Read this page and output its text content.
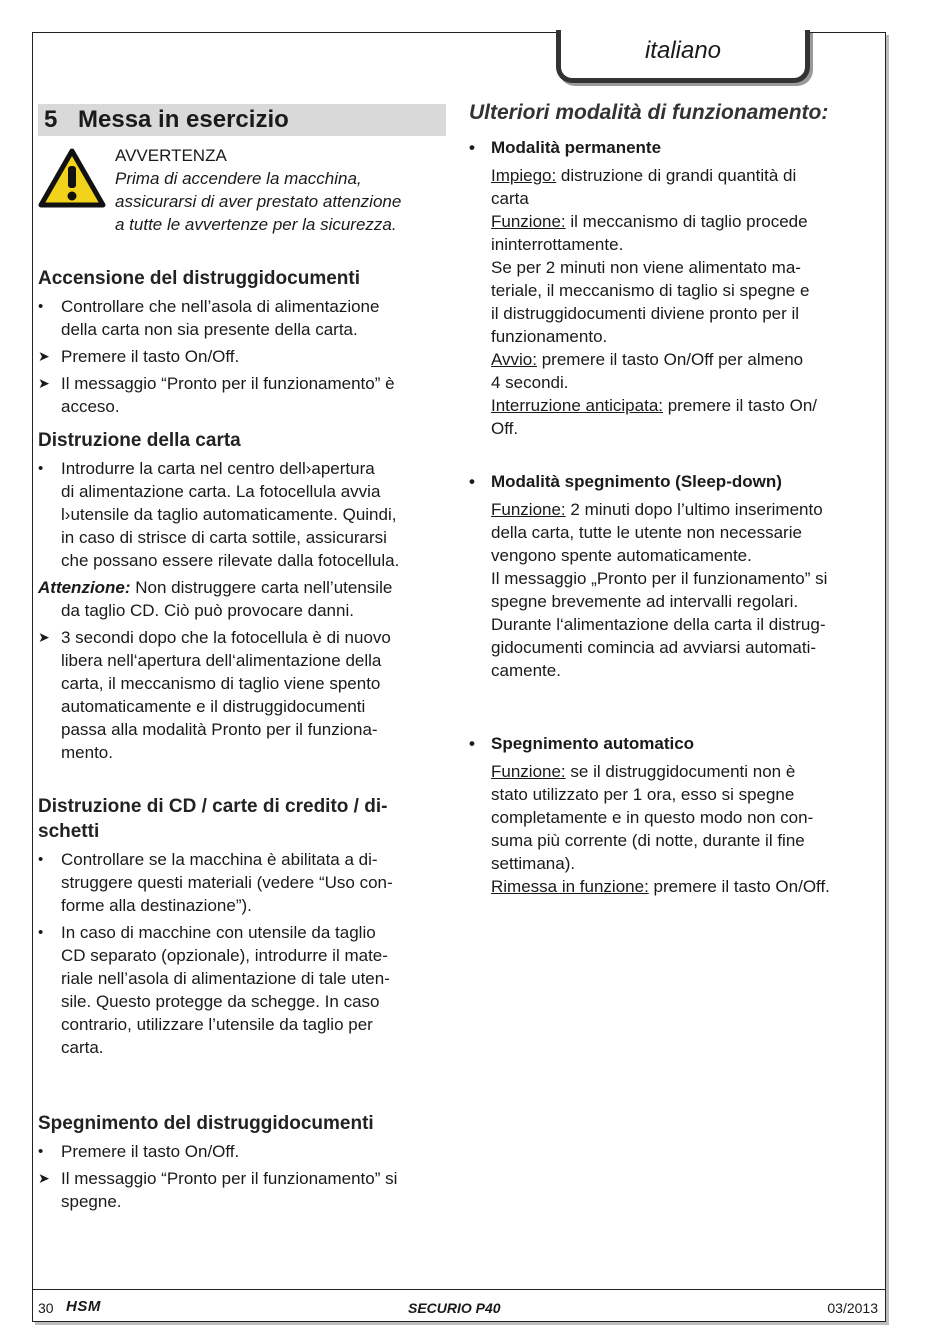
italiano
5 Messa in esercizio
AVVERTENZA
Prima di accendere la macchina,
assicurarsi di aver prestato attenzione
a tutte le avvertenze per la sicurezza.
Accensione del distruggidocumenti
•	Controllare che nell’asola di alimentazione
della carta non sia presente della carta.
➤ Premere il tasto On/Off.
➤ Il messaggio “Pronto per il funzionamento” è
acceso.
Distruzione della carta
•	Introdurre la carta nel centro dell›apertura
di alimentazione carta. La fotocellula avvia
l›utensile da taglio automaticamente. Quindi,
in caso di strisce di carta sottile, assicurarsi
che possano essere rilevate dalla fotocellula.
Attenzione: Non distruggere carta nell’utensile
da taglio CD. Ciò può provocare danni.
➤ 3 secondi dopo che la fotocellula è di nuovo
libera nell‘apertura dell‘alimentazione della
carta, il meccanismo di taglio viene spento
automaticamente e il distruggidocumenti
passa alla modalità Pronto per il funziona-
mento.
Distruzione di CD / carte di credito / di-
schetti
•	Controllare se la macchina è abilitata a di-
struggere questi materiali (vedere “Uso con-
forme alla destinazione”).
•	In caso di macchine con utensile da taglio
CD separato (opzionale), introdurre il mate-
riale nell’asola di alimentazione di tale uten-
sile. Questo protegge da schegge. In caso
contrario, utilizzare l’utensile da taglio per
carta.
Spegnimento del distruggidocumenti
•	Premere il tasto On/Off.
➤ Il messaggio “Pronto per il funzionamento” si
spegne.
Ulteriori modalità di funzionamento:
• Modalità permanente

Impiego: distruzione di grandi quantità di

carta

Funzione: il meccanismo di taglio procede

ininterrottamente.

Se per 2 minuti non viene alimentato ma-

teriale, il meccanismo di taglio si spegne e

il distruggidocumenti diviene pronto per il

funzionamento.

Avvio: premere il tasto On/Off per almeno

4 secondi.

Interruzione anticipata: premere il tasto On/

Off.

• Modalità spegnimento (Sleep-down)

Funzione: 2 minuti dopo l’ultimo inserimento

della carta, tutte le utente non necessarie

vengono spente automaticamente.

Il messaggio „Pronto per il funzionamento” si

spegne brevemente ad intervalli regolari.

Durante l‘alimentazione della carta il distrug-

gidocumenti comincia ad avviarsi automati-

camente.

• Spegnimento automatico

Funzione: se il distruggidocumenti non è

stato utilizzato per 1 ora, esso si spegne

completamente e in questo modo non con-

suma più corrente (di notte, durante il fine

settimana).

Rimessa in funzione: premere il tasto On/Off.

30 HSM	SECURIO P40	03/2013
